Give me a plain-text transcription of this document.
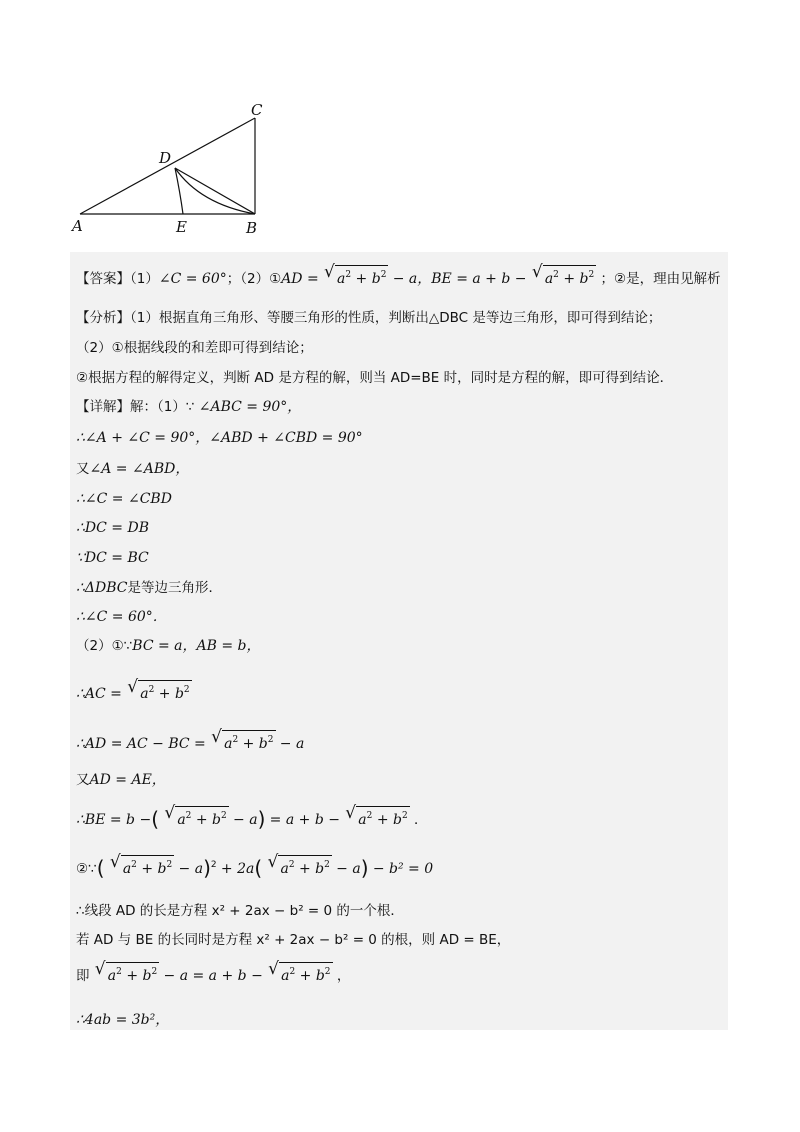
A	E	B
C
D
【答案】（1）∠C = 60°；（2）①AD = √ $a^2 + b^2 - a$，BE = a + b − √ $a^2 + b^2$ ；②是，理由见解析
【分析】（1）根据直角三角形、等腰三角形的性质，判断出△DBC 是等边三角形，即可得到结论；
（2）①根据线段的和差即可得到结论；
②根据方程的解得定义，判断 AD 是方程的解，则当 AD=BE 时，同时是方程的解，即可得到结论．
【详解】解：（1）∵ ∠ABC = 90°，
∴∠A + ∠C = 90°，∠ABD + ∠CBD = 90°
又∠A = ∠ABD，
∴∠C = ∠CBD
∴DC = DB
∵DC = BC
∴ΔDBC是等边三角形．
∴∠C = 60°．
（2）①∵BC = a，AB = b，
∴AC = √ $a^2 + b^2$
∴AD = AC − BC = √ $a^2 + b^2 - a$
又AD = AE，
∴BE = b −( √ $a^2 + b^2 - a) = a + b$ − √ $a^2 + b^2$ ．
②∵( √ $a^2 + b^2 - a)^2 + 2a$( √ $a^2 + b^2 - a) - b^2 = 0$
∴线段 AD 的长是方程 x² + 2ax − b² = 0 的一个根．
若 AD 与 BE 的长同时是方程 x² + 2ax − b² = 0 的根，则 AD = BE，
即 √ $a^2 + b^2 - a = a + b$ − √ $a^2 + b^2$ ，
∴4ab = 3b²，
